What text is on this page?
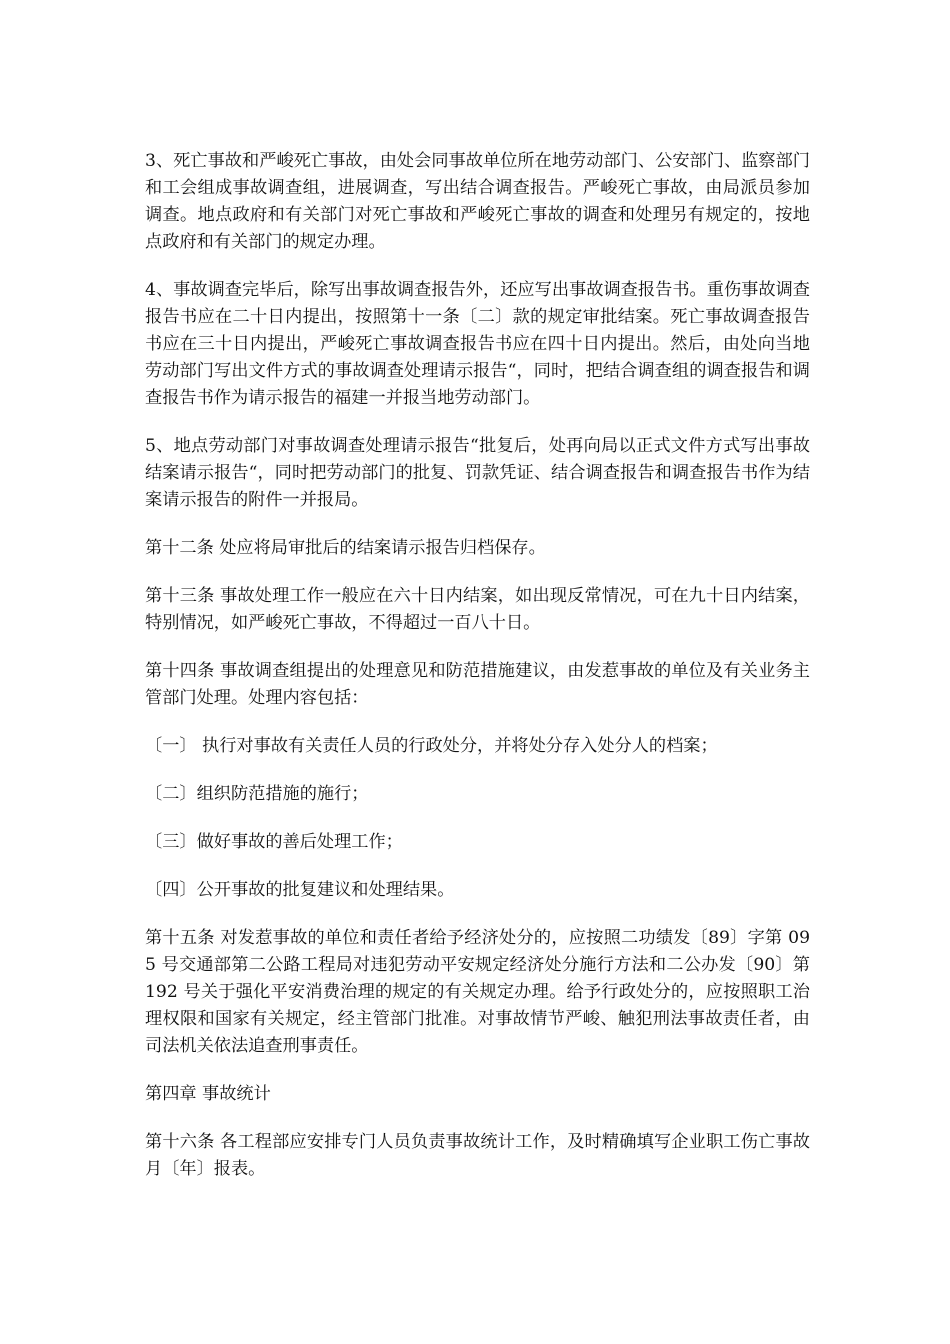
3、死亡事故和严峻死亡事故，由处会同事故单位所在地劳动部门、公安部门、监察部门和工会组成事故调查组，进展调查，写出结合调查报告。严峻死亡事故，由局派员参加调查。地点政府和有关部门对死亡事故和严峻死亡事故的调查和处理另有规定的，按地点政府和有关部门的规定办理。

4、事故调查完毕后，除写出事故调查报告外，还应写出事故调查报告书。重伤事故调查报告书应在二十日内提出，按照第十一条〔二〕款的规定审批结案。死亡事故调查报告书应在三十日内提出，严峻死亡事故调查报告书应在四十日内提出。然后，由处向当地劳动部门写出文件方式的事故调查处理请示报告“，同时，把结合调查组的调查报告和调查报告书作为请示报告的福建一并报当地劳动部门。

5、地点劳动部门对事故调查处理请示报告“批复后，处再向局以正式文件方式写出事故结案请示报告“，同时把劳动部门的批复、罚款凭证、结合调查报告和调查报告书作为结案请示报告的附件一并报局。

第十二条 处应将局审批后的结案请示报告归档保存。

第十三条 事故处理工作一般应在六十日内结案，如出现反常情况，可在九十日内结案，特别情况，如严峻死亡事故，不得超过一百八十日。

第十四条 事故调查组提出的处理意见和防范措施建议，由发惹事故的单位及有关业务主管部门处理。处理内容包括：

〔一〕 执行对事故有关责任人员的行政处分，并将处分存入处分人的档案；

〔二〕组织防范措施的施行；

〔三〕做好事故的善后处理工作；

〔四〕公开事故的批复建议和处理结果。

第十五条 对发惹事故的单位和责任者给予经济处分的，应按照二功绩发〔89〕字第 095 号交通部第二公路工程局对违犯劳动平安规定经济处分施行方法和二公办发〔90〕第 192 号关于强化平安消费治理的规定的有关规定办理。给予行政处分的，应按照职工治理权限和国家有关规定，经主管部门批准。对事故情节严峻、触犯刑法事故责任者，由司法机关依法追查刑事责任。

第四章 事故统计

第十六条 各工程部应安排专门人员负责事故统计工作，及时精确填写企业职工伤亡事故月〔年〕报表。
